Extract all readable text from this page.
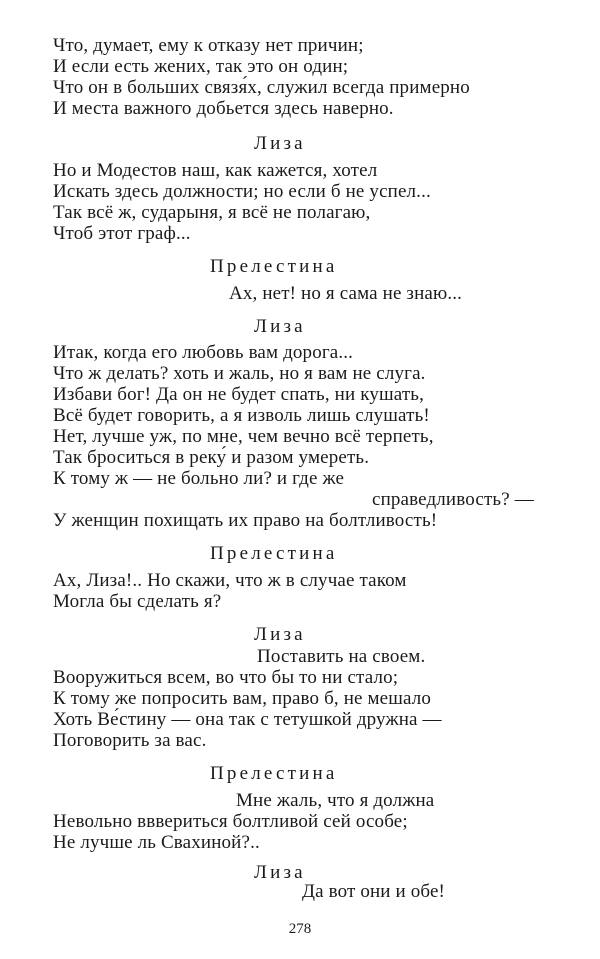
Что, думает, ему к отказу нет причин;
И если есть жених, так это он один;
Что он в больших связя́х, служил всегда примерно
И места важного добьется здесь наверно.
Лиза
Но и Модестов наш, как кажется, хотел
Искать здесь должности; но если б не успел...
Так всё ж, сударыня, я всё не полагаю,
Чтоб этот граф...
Прелестина
Ах, нет! но я сама не знаю...
Лиза
Итак, когда его любовь вам дорога...
Что ж делать? хоть и жаль, но я вам не слуга.
Избави бог! Да он не будет спать, ни кушать,
Всё будет говорить, а я изволь лишь слушать!
Нет, лучше уж, по мне, чем вечно всё терпеть,
Так броситься в реку́ и разом умереть.
К тому ж — не больно ли? и где же
справедливость? —
У женщин похищать их право на болтливость!
Прелестина
Ах, Лиза!.. Но скажи, что ж в случае таком
Могла бы сделать я?
Лиза
Поставить на своем.
Вооружиться всем, во что бы то ни стало;
К тому же попросить вам, право б, не мешало
Хоть Ве́стину — она так с тетушкой дружна —
Поговорить за вас.
Прелестина
Мне жаль, что я должна
Невольно вввериться болтливой сей особе;
Не лучше ль Свахиной?..
Лиза
Да вот они и обе!
278
